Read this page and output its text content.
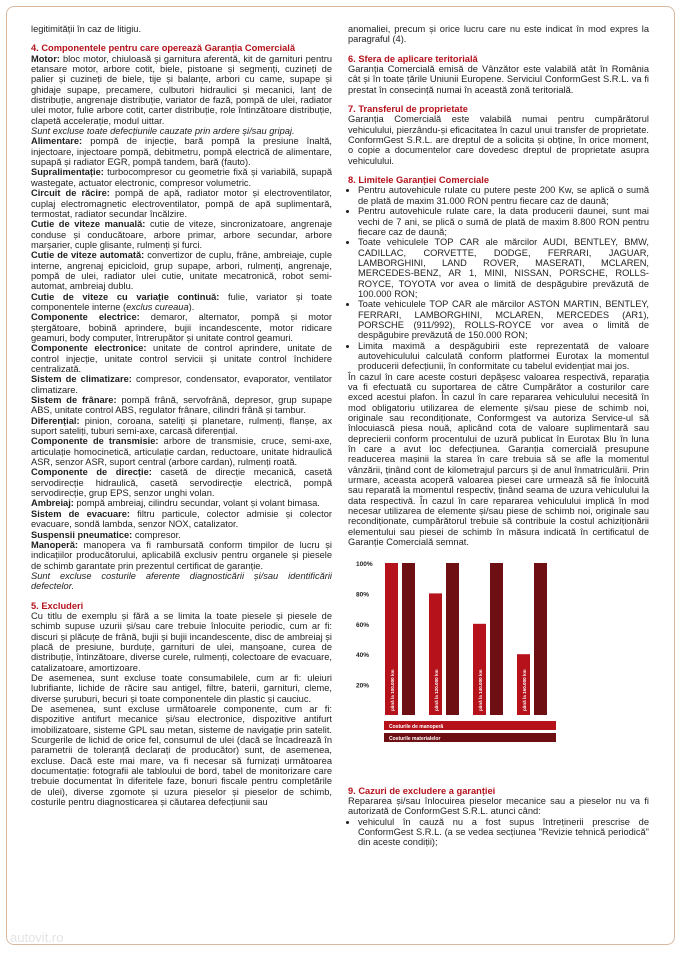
legitimității în caz de litigiu.

4. Componentele pentru care operează Garanția Comercială

Motor: bloc motor, chiuloasă și garnitura aferentă, kit de garnituri pentru etansare motor, arbore cotit, biele, pistoane și segmenți, cuzineți de palier și cuzineți de biele, tije și balanțe, arbori cu came, supape și ghidaje supape, precamere, culbutori hidraulici și mecanici, lanț de distribuție, angrenaje distribuție, variator de fază, pompă de ulei, radiator ulei motor, fulie arbore cotit, carter distribuție, role întinzătoare distribuție, clapetă accelerație, modul uittar.

Sunt excluse toate defecțiunile cauzate prin ardere și/sau gripaj.

Alimentare: pompă de injecție, bară pompă la presiune înaltă, injectoare, injectoare pompă, debitmetru, pompă electrică de alimentare, supapă și radiator EGR, pompă tandem, bară (fauto).

Supralimentație: turbocompresor cu geometrie fixă și variabilă, supapă wastegate, actuator electronic, compresor volumetric.

Circuit de răcire: pompă de apă, radiator motor și electroventilator, cuplaj electromagnetic electroventilator, pompă de apă suplimentară, termostat, radiator secundar încălzire.

Cutie de viteze manuală: cutie de viteze, sincronizatoare, angrenaje conduse și conducătoare, arbore primar, arbore secundar, arbore marșarier, cuple glisante, rulmenți și furci.

Cutie de viteze automată: convertizor de cuplu, frâne, ambreiaje, cuple interne, angrenaj epicicloid, grup supape, arbori, rulmenți, angrenaje, pompă de ulei, radiator ulei cutie, unitate mecatronică, robot semi-automat, ambreiaj dublu.

Cutie de viteze cu variație continuă: fulie, variator și toate componentele interne (exclus cureaua).

Componente electrice: demaror, alternator, pompă și motor ștergătoare, bobină aprindere, bujii incandescente, motor ridicare geamuri, body computer, întrerupător și unitate control geamuri.

Componente electronice: unitate de control aprindere, unitate de control injecție, unitate control servicii și unitate control închidere centralizată.

Sistem de climatizare: compresor, condensator, evaporator, ventilator climatizare.

Sistem de frânare: pompă frână, servofrână, depresor, grup supape ABS, unitate control ABS, regulator frânare, cilindri frână și tambur.

Diferențial: pinion, coroana, sateliți și planetare, rulmenți, flanșe, ax suport sateliți, tuburi semi-axe, carcasă diferențial.

Componente de transmisie: arbore de transmisie, cruce, semi-axe, articulație homocinetică, articulație cardan, reductoare, unitate hidraulică ASR, senzor ASR, suport central (arbore cardan), rulmenți roată.

Componente de direcție: casetă de direcție mecanică, casetă servodirecție hidraulică, casetă servodirecție electrică, pompă servodirecție, grup EPS, senzor unghi volan.

Ambreiaj: pompă ambreiaj, cilindru secundar, volant și volant bimasa.

Sistem de evacuare: filtru particule, colector admisie și colector evacuare, sondă lambda, senzor NOX, catalizator.

Suspensii pneumatice: compresor.

Manoperă: manopera va fi rambursată conform timpilor de lucru și indicațiilor producătorului, aplicabilă exclusiv pentru organele și piesele de schimb garantate prin prezentul certificat de garanție.

Sunt excluse costurile aferente diagnosticării și/sau identificării defectelor.

5. Excluderi

Cu titlu de exemplu și fără a se limita la toate piesele și piesele de schimb supuse uzurii și/sau care trebuie înlocuite periodic, cum ar fi: discuri și plăcuțe de frână, bujii și bujii incandescente, disc de ambreiaj și placă de presiune, burduțe, garnituri de ulei, manșoane, curea de distribuție, întinzătoare, diverse curele, rulmenți, colectoare de evacuare, catalizatoare, amortizoare.

De asemenea, sunt excluse toate consumabilele, cum ar fi: uleiuri lubrifiante, lichide de răcire sau antigel, filtre, baterii, garnituri, cleme, diverse șuruburi, becuri și toate componentele din plastic și cauciuc.

De asemenea, sunt excluse următoarele componente, cum ar fi: dispozitive antifurt mecanice și/sau electronice, dispozitive antifurt imobilizatoare, sisteme GPL sau metan, sisteme de navigație prin satelit. Scurgerile de lichid de orice fel, consumul de ulei (dacă se încadrează în parametrii de toleranță declarați de producător) sunt, de asemenea, excluse. Dacă este mai mare, va fi necesar să furnizați următoarea documentație: fotografii ale tabloului de bord, tabel de monitorizare care trebuie documentat în diferitele faze, bonuri fiscale pentru completările de ulei), diverse zgomote și uzura pieselor și pieselor de schimb, costurile pentru diagnosticarea și căutarea defecțiunii sau

anomaliei, precum și orice lucru care nu este indicat în mod expres la paragraful (4).

6. Sfera de aplicare teritorială

Garanția Comercială emisă de Vânzător este valabilă atât în România cât și în toate țările Uniunii Europene. Serviciul ConformGest S.R.L. va fi prestat în consecință numai în această zonă teritorială.

7. Transferul de proprietate

Garanția Comercială este valabilă numai pentru cumpărătorul vehiculului, pierzându-și eficacitatea în cazul unui transfer de proprietate. ConformGest S.R.L. are dreptul de a solicita și obține, în orice moment, o copie a documentelor care dovedesc dreptul de proprietate asupra vehiculului.

8. Limitele Garanției Comerciale

• Pentru autovehicule rulate cu putere peste 200 Kw, se aplică o sumă de plată de maxim 31.000 RON pentru fiecare caz de daună;
• Pentru autovehicule rulate care, la data producerii daunei, sunt mai vechi de 7 ani, se plică o sumă de plată de maxim 8.800 RON pentru fiecare caz de daună;
• Toate vehiculele TOP CAR ale mărcilor AUDI, BENTLEY, BMW, CADILLAC, CORVETTE, DODGE, FERRARI, JAGUAR, LAMBORGHINI, LAND ROVER, MASERATI, MCLAREN, MERCEDES-BENZ, AR 1, MINI, NISSAN, PORSCHE, ROLLS-ROYCE, TOYOTA vor avea o limită de despăgubire prevăzută de 100.000 RON;
• Toate vehiculele TOP CAR ale mărcilor ASTON MARTIN, BENTLEY, FERRARI, LAMBORGHINI, MCLAREN, MERCEDES (AR1), PORSCHE (911/992), ROLLS-ROYCE vor avea o limită de despăgubire prevăzută de 150.000 RON;
• Limita maximă a despăgubirii este reprezentată de valoare autovehiculului calculată conform platformei Eurotax la momentul producerii defecțiunii, în conformitate cu tabelul evidențiat mai jos.

În cazul în care aceste costuri depășesc valoarea respectivă, reparația va fi efectuată cu suportarea de către Cumpărător a costurilor care exced acestui plafon. În cazul în care repararea vehiculului necesită în mod obligatoriu utilizarea de elemente și/sau piese de schimb noi, originale sau recondiționate, Conformgest va autoriza Service-ul să înlocuiască piesa nouă, aplicând cota de valoare suplimentară sau deprecierii conform procentului de uzură publicat în Eurotax Blu în luna în care a avut loc defecțiunea. Garanția comercială presupune readucerea mașinii la starea în care trebuia să se afle la momentul vânzării, ținând cont de kilometrajul parcurs și de anul înmatriculării. Prin urmare, aceasta acoperă valoarea piesei care urmează să fie înlocuită sau reparată la momentul respectiv, ținând seama de uzura vehiculului la data respectivă. În cazul în care repararea vehiculului implică în mod necesar utilizarea de elemente și/sau piese de schimb noi, originale sau recondiționate, cumpărătorul trebuie să contribuie la costul achiziționării elementului sau piesei de schimb în măsura indicată în certificatul de Garanție Comercială semnat.

20%
40%
60%
80%
100%
până la 100.000 km	până la 120.000 km	până la 140.000 km	până la 160.000 km
Costurile de manoperă
Costurile materialelor

9. Cazuri de excludere a garanției

Repararea și/sau înlocuirea pieselor mecanice sau a pieselor nu va fi autorizată de ConformGest S.R.L. atunci când:

• vehiculul în cauză nu a fost supus întreținerii prescrise de ConformGest S.R.L. (a se vedea secțiunea "Revizie tehnică periodică" din aceste condiții);
autovit.ro
